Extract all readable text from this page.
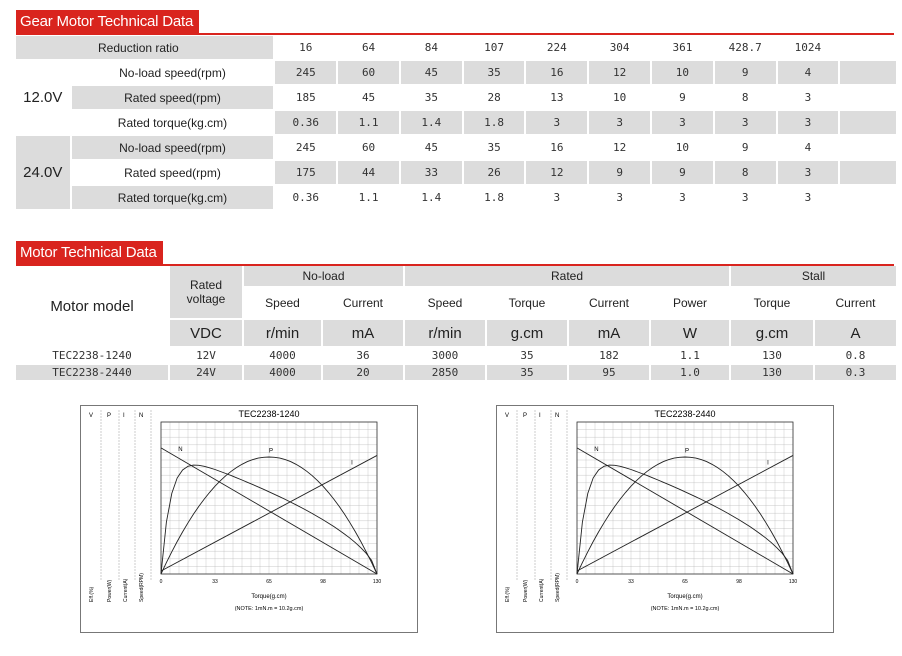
Gear Motor Technical Data
Reduction ratio		16	64	84	107	224	304	361	428.7	1024	
12.0V	No-load speed(rpm)	245	60	45	35	16	12	10	9	4	
	Rated speed(rpm)	185	45	35	28	13	10	9	8	3	
	Rated torque(kg.cm)	0.36	1.1	1.4	1.8	3	3	3	3	3	
24.0V	No-load speed(rpm)	245	60	45	35	16	12	10	9	4	
	Rated speed(rpm)	175	44	33	26	12	9	9	8	3	
	Rated torque(kg.cm)	0.36	1.1	1.4	1.8	3	3	3	3	3	
Motor Technical Data
Motor model	Rated voltage	No-load		Rated				Stall	
		Speed	Current	Speed	Torque	Current	Power	Torque	Current
	VDC	r/min	mA	r/min	g.cm	mA	W	g.cm	A
TEC2238-1240	12V	4000	36	3000	35	182	1.1	130	0.8
TEC2238-2440	24V	4000	20	2850	35	95	1.0	130	0.3
TEC2238-1240
V
Eff.(%)
P
Power(W)
I
Current(A)
N
Speed(RPM)	0	33	65	98	130
Torque(g.cm)
(NOTE: 1mN.m = 10.2g.cm)
N	P
I
TEC2238-2440
V
Eff.(%)
P
Power(W)
I
Current(A)
N
Speed(RPM)	0	33	65	98	130
Torque(g.cm)
(NOTE: 1mN.m = 10.2g.cm)
N	P
I
